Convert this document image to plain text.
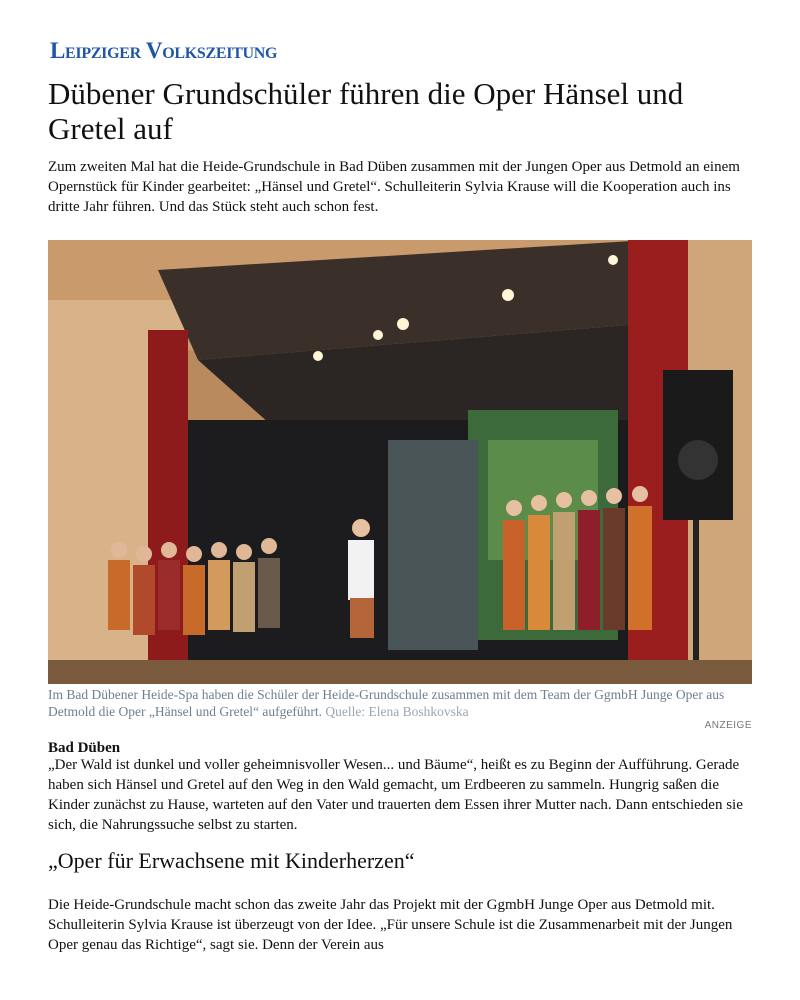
Leipziger Volkszeitung
Dübener Grundschüler führen die Oper Hänsel und Gretel auf

Zum zweiten Mal hat die Heide-Grundschule in Bad Düben zusammen mit der Jungen Oper aus Detmold an einem Opernstück für Kinder gearbeitet: „Hänsel und Gretel“. Schulleiterin Sylvia Krause will die Kooperation auch ins dritte Jahr führen. Und das Stück steht auch schon fest.

Im Bad Dübener Heide-Spa haben die Schüler der Heide-Grundschule zusammen mit dem Team der GgmbH Junge Oper aus Detmold die Oper „Hänsel und Gretel“ aufgeführt. Quelle: Elena Boshkovska

ANZEIGE
Bad Düben

„Der Wald ist dunkel und voller geheimnisvoller Wesen... und Bäume“, heißt es zu Beginn der Aufführung. Gerade haben sich Hänsel und Gretel auf den Weg in den Wald gemacht, um Erdbeeren zu sammeln. Hungrig saßen die Kinder zunächst zu Hause, warteten auf den Vater und trauerten dem Essen ihrer Mutter nach. Dann entschieden sie sich, die Nahrungssuche selbst zu starten.

„Oper für Erwachsene mit Kinderherzen“

Die Heide-Grundschule macht schon das zweite Jahr das Projekt mit der GgmbH Junge Oper aus Detmold mit. Schulleiterin Sylvia Krause ist überzeugt von der Idee. „Für unsere Schule ist die Zusammenarbeit mit der Jungen Oper genau das Richtige“, sagt sie. Denn der Verein aus
